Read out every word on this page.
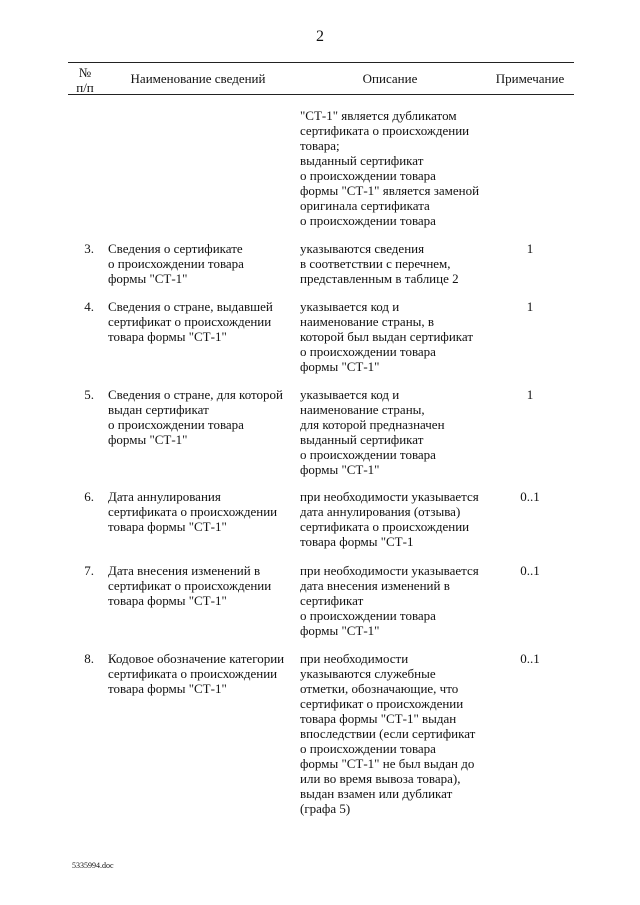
2
№
п/п
Наименование сведений	Описание	Примечание
"СТ-1" является дубликатом
сертификата о происхождении
товара;
выданный сертификат
о происхождении товара
формы "СТ-1" является заменой
оригинала сертификата
о происхождении товара
3. Сведения о сертификате
о происхождении товара
формы "СТ-1"
указываются сведения
в соответствии с перечнем,
представленным в таблице 2
1
4. Сведения о стране, выдавшей
сертификат о происхождении
товара формы "СТ-1"
указывается код и
наименование страны, в
которой был выдан сертификат
о происхождении товара
формы "СТ-1"
1
5. Сведения о стране, для которой
выдан сертификат
о происхождении товара
формы "СТ-1"
указывается код и
наименование страны,
для которой предназначен
выданный сертификат
о происхождении товара
формы "СТ-1"
1
6. Дата аннулирования
сертификата о происхождении
товара формы "СТ-1"
при необходимости указывается
дата аннулирования (отзыва)
сертификата о происхождении
товара формы "СТ-1
0..1
7. Дата внесения изменений в
сертификат о происхождении
товара формы "СТ-1"
при необходимости указывается
дата внесения изменений в
сертификат
о происхождении товара
формы "СТ-1"
0..1
8. Кодовое обозначение категории
сертификата о происхождении
товара формы "СТ-1"
при необходимости
указываются служебные
отметки, обозначающие, что
сертификат о происхождении
товара формы "СТ-1" выдан
впоследствии (если сертификат
о происхождении товара
формы "СТ-1" не был выдан до
или во время вывоза товара),
выдан взамен или дубликат
(графа 5)
0..1
5335994.doc
